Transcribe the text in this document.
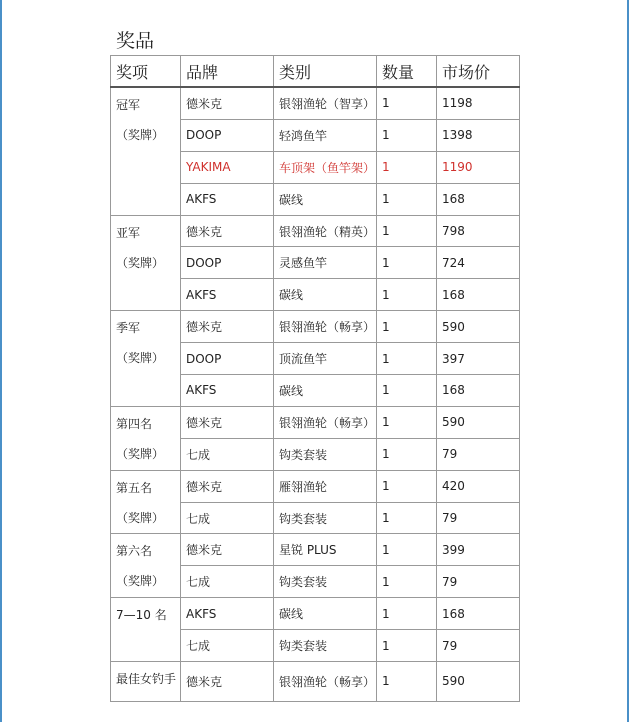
奖品
奖项	品牌	类别	数量	市场价
冠军
（奖牌）	德米克	银翎渔轮（智享）	1	1198
	DOOP	轻鸿鱼竿	1	1398
	YAKIMA	车顶架（鱼竿架）	1	1190
	AKFS	碳线	1	168
亚军
（奖牌）	德米克	银翎渔轮（精英）	1	798
	DOOP	灵感鱼竿	1	724
	AKFS	碳线	1	168
季军
（奖牌）	德米克	银翎渔轮（畅享）	1	590
	DOOP	顶流鱼竿	1	397
	AKFS	碳线	1	168
第四名
（奖牌）	德米克	银翎渔轮（畅享）	1	590
	七成	钩类套装	1	79
第五名
（奖牌）	德米克	雁翎渔轮	1	420
	七成	钩类套装	1	79
第六名
（奖牌）	德米克	星锐 PLUS	1	399
	七成	钩类套装	1	79
7—10 名	AKFS	碳线	1	168
	七成	钩类套装	1	79
最佳女钓手	德米克	银翎渔轮（畅享）	1	590
